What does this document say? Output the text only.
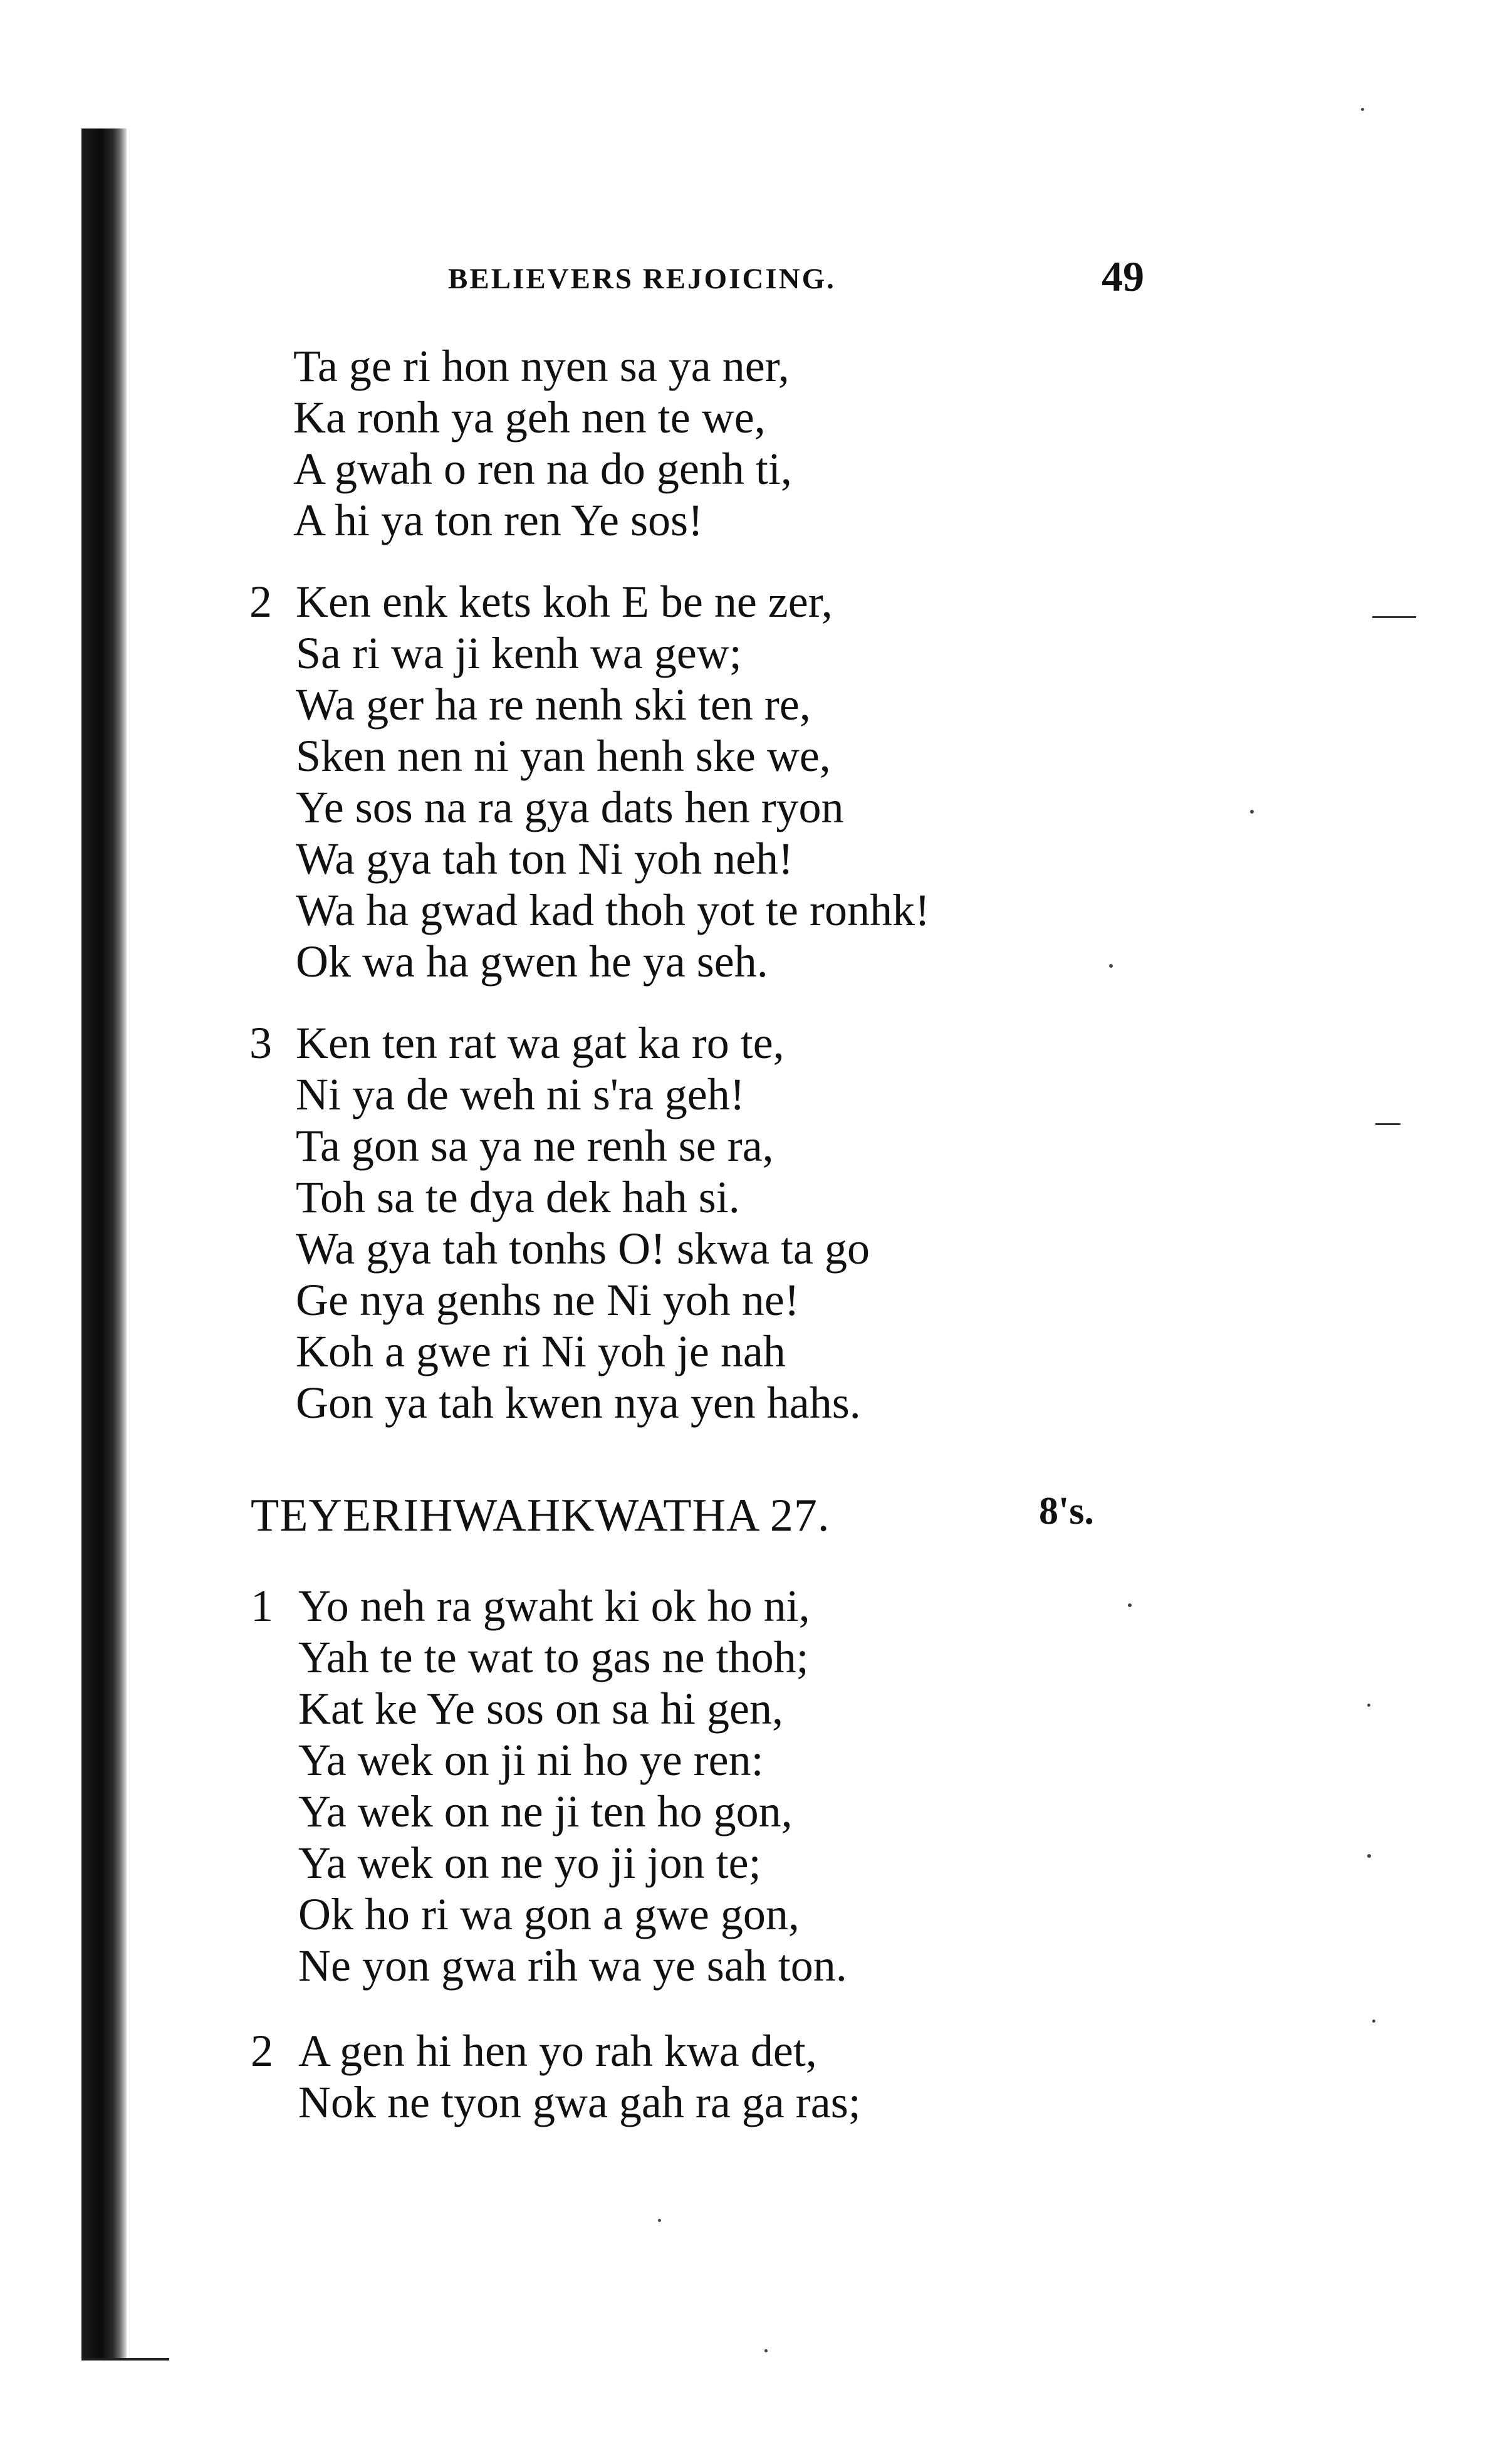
BELIEVERS REJOICING.	49
Ta ge ri hon nyen sa ya ner,
Ka ronh ya geh nen te we,
A gwah o ren na do genh ti,
A hi ya ton ren Ye sos!
2 Ken enk kets koh E be ne zer,
Sa ri wa ji kenh wa gew;
Wa ger ha re nenh ski ten re,
Sken nen ni yan henh ske we,
Ye sos na ra gya dats hen ryon
Wa gya tah ton Ni yoh neh!
Wa ha gwad kad thoh yot te ronhk!
Ok wa ha gwen he ya seh.
3 Ken ten rat wa gat ka ro te,
Ni ya de weh ni s'ra geh!
Ta gon sa ya ne renh se ra,
Toh sa te dya dek hah si.
Wa gya tah tonhs O! skwa ta go
Ge nya genhs ne Ni yoh ne!
Koh a gwe ri Ni yoh je nah
Gon ya tah kwen nya yen hahs.
TEYERIHWAHKWATHA 27.	8's.
1 Yo neh ra gwaht ki ok ho ni,
Yah te te wat to gas ne thoh;
Kat ke Ye sos on sa hi gen,
Ya wek on ji ni ho ye ren:
Ya wek on ne ji ten ho gon,
Ya wek on ne yo ji jon te;
Ok ho ri wa gon a gwe gon,
Ne yon gwa rih wa ye sah ton.
2 A gen hi hen yo rah kwa det,
Nok ne tyon gwa gah ra ga ras;
